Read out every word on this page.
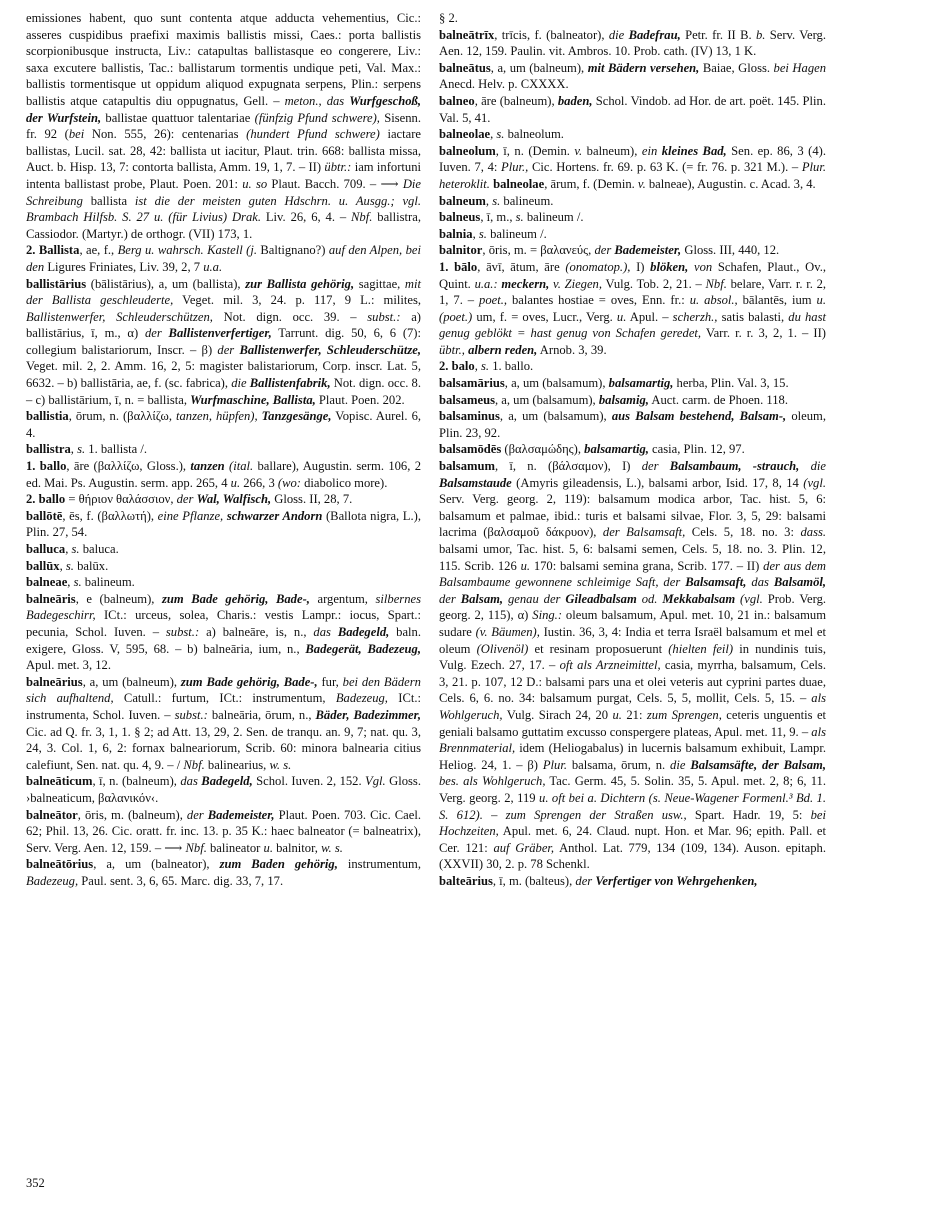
emissiones habent, quo sunt contenta atque adducta vehementius, Cic.: asseres cuspidibus praefixi maximis ballistis missi, Caes.: porta ballistis scorpionibusque instructa, Liv.: catapultas ballistasque eo congerere, Liv.: saxa excutere ballistis, Tac.: ballistarum tormentis undique peti, Val. Max.: ballistis tormentisque ut oppidum aliquod expugnata serpens, Plin.: serpens ballistis atque catapultis diu oppugnatus, Gell. – meton., das Wurfgeschoß, der Wurfstein, ballistae quattuor talentariae (fünfzig Pfund schwere), Sisenn. fr. 92 (bei Non. 555, 26): centenarias (hundert Pfund schwere) iactare ballistas, Lucil. sat. 28, 42: ballista ut iacitur, Plaut. trin. 668: ballista missa, Auct. b. Hisp. 13, 7: contorta ballista, Amm. 19, 1, 7. – II) übtr.: iam infortuni intenta ballistast probe, Plaut. Poen. 201: u. so Plaut. Bacch. 709. – ⟶ Die Schreibung ballista ist die der meisten guten Hdschrn. u. Ausgg.; vgl. Brambach Hilfsb. S. 27 u. (für Livius) Drak. Liv. 26, 6, 4. – Nbf. ballistra, Cassiodor. (Martyr.) de orthogr. (VII) 173, 1.
2. Ballista, ae, f., Berg u. wahrsch. Kastell (j. Baltignano?) auf den Alpen, bei den Ligures Friniates, Liv. 39, 2, 7 u.a.
ballistārius (bālistārius), a, um (ballista), zur Ballista gehörig, sagittae, mit der Ballista geschleuderte, Veget. mil. 3, 24. p. 117, 9 L.: milites, Ballistenwerfer, Schleuderschützen, Not. dign. occ. 39. – subst.: a) ballistārius, ī, m., α) der Ballistenverfertiger, Tarrunt. dig. 50, 6, 6 (7): collegium balistariorum, Inscr. – β) der Ballistenwerfer, Schleuderschütze, Veget. mil. 2, 2. Amm. 16, 2, 5: magister balistariorum, Corp. inscr. Lat. 5, 6632. – b) ballistāria, ae, f. (sc. fabrica), die Ballistenfabrik, Not. dign. occ. 8. – c) ballistārium, ī, n. = ballista, Wurfmaschine, Ballista, Plaut. Poen. 202.
ballistia, ōrum, n. (βαλλίζω, tanzen, hüpfen), Tanzgesänge, Vopisc. Aurel. 6, 4.
ballistra, s. 1. ballista /.
1. ballo, āre (βαλλίζω, Gloss.), tanzen (ital. ballare), Augustin. serm. 106, 2 ed. Mai. Ps. Augustin. serm. app. 265, 4 u. 266, 3 (wo: diabolico more).
2. ballo = θήριον θαλάσσιον, der Wal, Walfisch, Gloss. II, 28, 7.
ballōtē, ēs, f. (βαλλωτή), eine Pflanze, schwarzer Andorn (Ballota nigra, L.), Plin. 27, 54.
balluca, s. baluca.
ballūx, s. balūx.
balneae, s. balineum.
balneāris, e (balneum), zum Bade gehörig, Bade-, argentum, silbernes Badegeschirr, ICt.: urceus, solea, Charis.: vestis Lampr.: iocus, Spart.: pecunia, Schol. Iuven. – subst.: a) balneāre, is, n., das Badegeld, baln. exigere, Gloss. V, 595, 68. – b) balneāria, ium, n., Badegerät, Badezeug, Apul. met. 3, 12.
balneārius, a, um (balneum), zum Bade gehörig, Bade-, fur, bei den Bädern sich aufhaltend, Catull.: furtum, ICt.: instrumentum, Badezeug, ICt.: instrumenta, Schol. Iuven. – subst.: balneāria, ōrum, n., Bäder, Badezimmer, Cic. ad Q. fr. 3, 1, 1. § 2; ad Att. 13, 29, 2. Sen. de tranqu. an. 9, 7; nat. qu. 3, 24, 3. Col. 1, 6, 2: fornax balneariorum, Scrib. 60: minora balnearia citius calefiunt, Sen. nat. qu. 4, 9. – / Nbf. balinearius, w. s.
balneāticum, ī, n. (balneum), das Badegeld, Schol. Iuven. 2, 152. Vgl. Gloss. ›balneaticum, βαλανικόν‹.
balneātor, ōris, m. (balneum), der Bademeister, Plaut. Poen. 703. Cic. Cael. 62; Phil. 13, 26. Cic. oratt. fr. inc. 13. p. 35 K.: haec balneator (= balneatrix), Serv. Verg. Aen. 12, 159. – ⟶ Nbf. balineator u. balnitor, w. s.
balneātōrius, a, um (balneator), zum Baden gehörig, instrumentum, Badezeug, Paul. sent. 3, 6, 65. Marc. dig. 33, 7, 17.
§ 2.
balneātrīx, trīcis, f. (balneator), die Badefrau, Petr. fr. II B. b. Serv. Verg. Aen. 12, 159. Paulin. vit. Ambros. 10. Prob. cath. (IV) 13, 1 K.
balneātus, a, um (balneum), mit Bädern versehen, Baiae, Gloss. bei Hagen Anecd. Helv. p. CXXXX.
balneo, āre (balneum), baden, Schol. Vindob. ad Hor. de art. poët. 145. Plin. Val. 5, 41.
balneolae, s. balneolum.
balneolum, ī, n. (Demin. v. balneum), ein kleines Bad, Sen. ep. 86, 3 (4). Iuven. 7, 4: Plur., Cic. Hortens. fr. 69. p. 63 K. (= fr. 76. p. 321 M.). – Plur. heteroklit. balneolae, ārum, f. (Demin. v. balneae), Augustin. c. Acad. 3, 4.
balneum, s. balineum.
balneus, ī, m., s. balineum /.
balnia, s. balineum /.
balnitor, ōris, m. = βαλανεύς, der Bademeister, Gloss. III, 440, 12.
1. bālo, āvī, ātum, āre (onomatop.), I) blöken, von Schafen, Plaut., Ov., Quint. u.a.: meckern, v. Ziegen, Vulg. Tob. 2, 21. – Nbf. belare, Varr. r. r. 2, 1, 7. – poet., balantes hostiae = oves, Enn. fr.: u. absol., bālantēs, ium u. (poet.) um, f. = oves, Lucr., Verg. u. Apul. – scherzh., satis balasti, du hast genug geblökt = hast genug von Schafen geredet, Varr. r. r. 3, 2, 1. – II) übtr., albern reden, Arnob. 3, 39.
2. balo, s. 1. ballo.
balsamārius, a, um (balsamum), balsamartig, herba, Plin. Val. 3, 15.
balsameus, a, um (balsamum), balsamig, Auct. carm. de Phoen. 118.
balsaminus, a, um (balsamum), aus Balsam bestehend, Balsam-, oleum, Plin. 23, 92.
balsamōdēs (βαλσαμώδης), balsamartig, casia, Plin. 12, 97.
balsamum, ī, n. (βάλσαμον), I) der Balsambaum, -strauch, die Balsamstaude (Amyris gileadensis, L.), balsami arbor, Isid. 17, 8, 14 (vgl. Serv. Verg. georg. 2, 119): balsamum modica arbor, Tac. hist. 5, 6: balsamum et palmae, ibid.: turis et balsami silvae, Flor. 3, 5, 29: balsami lacrima (βαλσαμοῦ δάκρυον), der Balsamsaft, Cels. 5, 18. no. 3: dass. balsami umor, Tac. hist. 5, 6: balsami semen, Cels. 5, 18. no. 3. Plin. 12, 115. Scrib. 126 u. 170: balsami semina grana, Scrib. 177. – II) der aus dem Balsambaume gewonnene schleimige Saft, der Balsamsaft, das Balsamöl, der Balsam, genau der Gileadbalsam od. Mekkabalsam (vgl. Prob. Verg. georg. 2, 115), α) Sing.: oleum balsamum, Apul. met. 10, 21 in.: balsamum sudare (v. Bäumen), Iustin. 36, 3, 4: India et terra Israël balsamum et mel et oleum (Olivenöl) et resinam proposuerunt (hielten feil) in nundinis tuis, Vulg. Ezech. 27, 17. – oft als Arzneimittel, casia, myrrha, balsamum, Cels. 3, 21. p. 107, 12 D.: balsami pars una et olei veteris aut cyprini partes duae, Cels. 6, 6. no. 34: balsamum purgat, Cels. 5, 5, mollit, Cels. 5, 15. – als Wohlgeruch, Vulg. Sirach 24, 20 u. 21: zum Sprengen, ceteris unguentis et geniali balsamo guttatim excusso conspergere plateas, Apul. met. 11, 9. – als Brennmaterial, idem (Heliogabalus) in lucernis balsamum exhibuit, Lampr. Heliog. 24, 1. – β) Plur. balsama, ōrum, n. die Balsamsäfte, der Balsam, bes. als Wohlgeruch, Tac. Germ. 45, 5. Solin. 35, 5. Apul. met. 2, 8; 6, 11. Verg. georg. 2, 119 u. oft bei a. Dichtern (s. Neue-Wagener Formenl.³ Bd. 1. S. 612). – zum Sprengen der Straßen usw., Spart. Hadr. 19, 5: bei Hochzeiten, Apul. met. 6, 24. Claud. nupt. Hon. et Mar. 96; epith. Pall. et Cer. 121: auf Gräber, Anthol. Lat. 779, 134 (109, 134). Auson. epitaph. (XXVII) 30, 2. p. 78 Schenkl.
balteārius, ī, m. (balteus), der Verfertiger von Wehrgehenken,
352
